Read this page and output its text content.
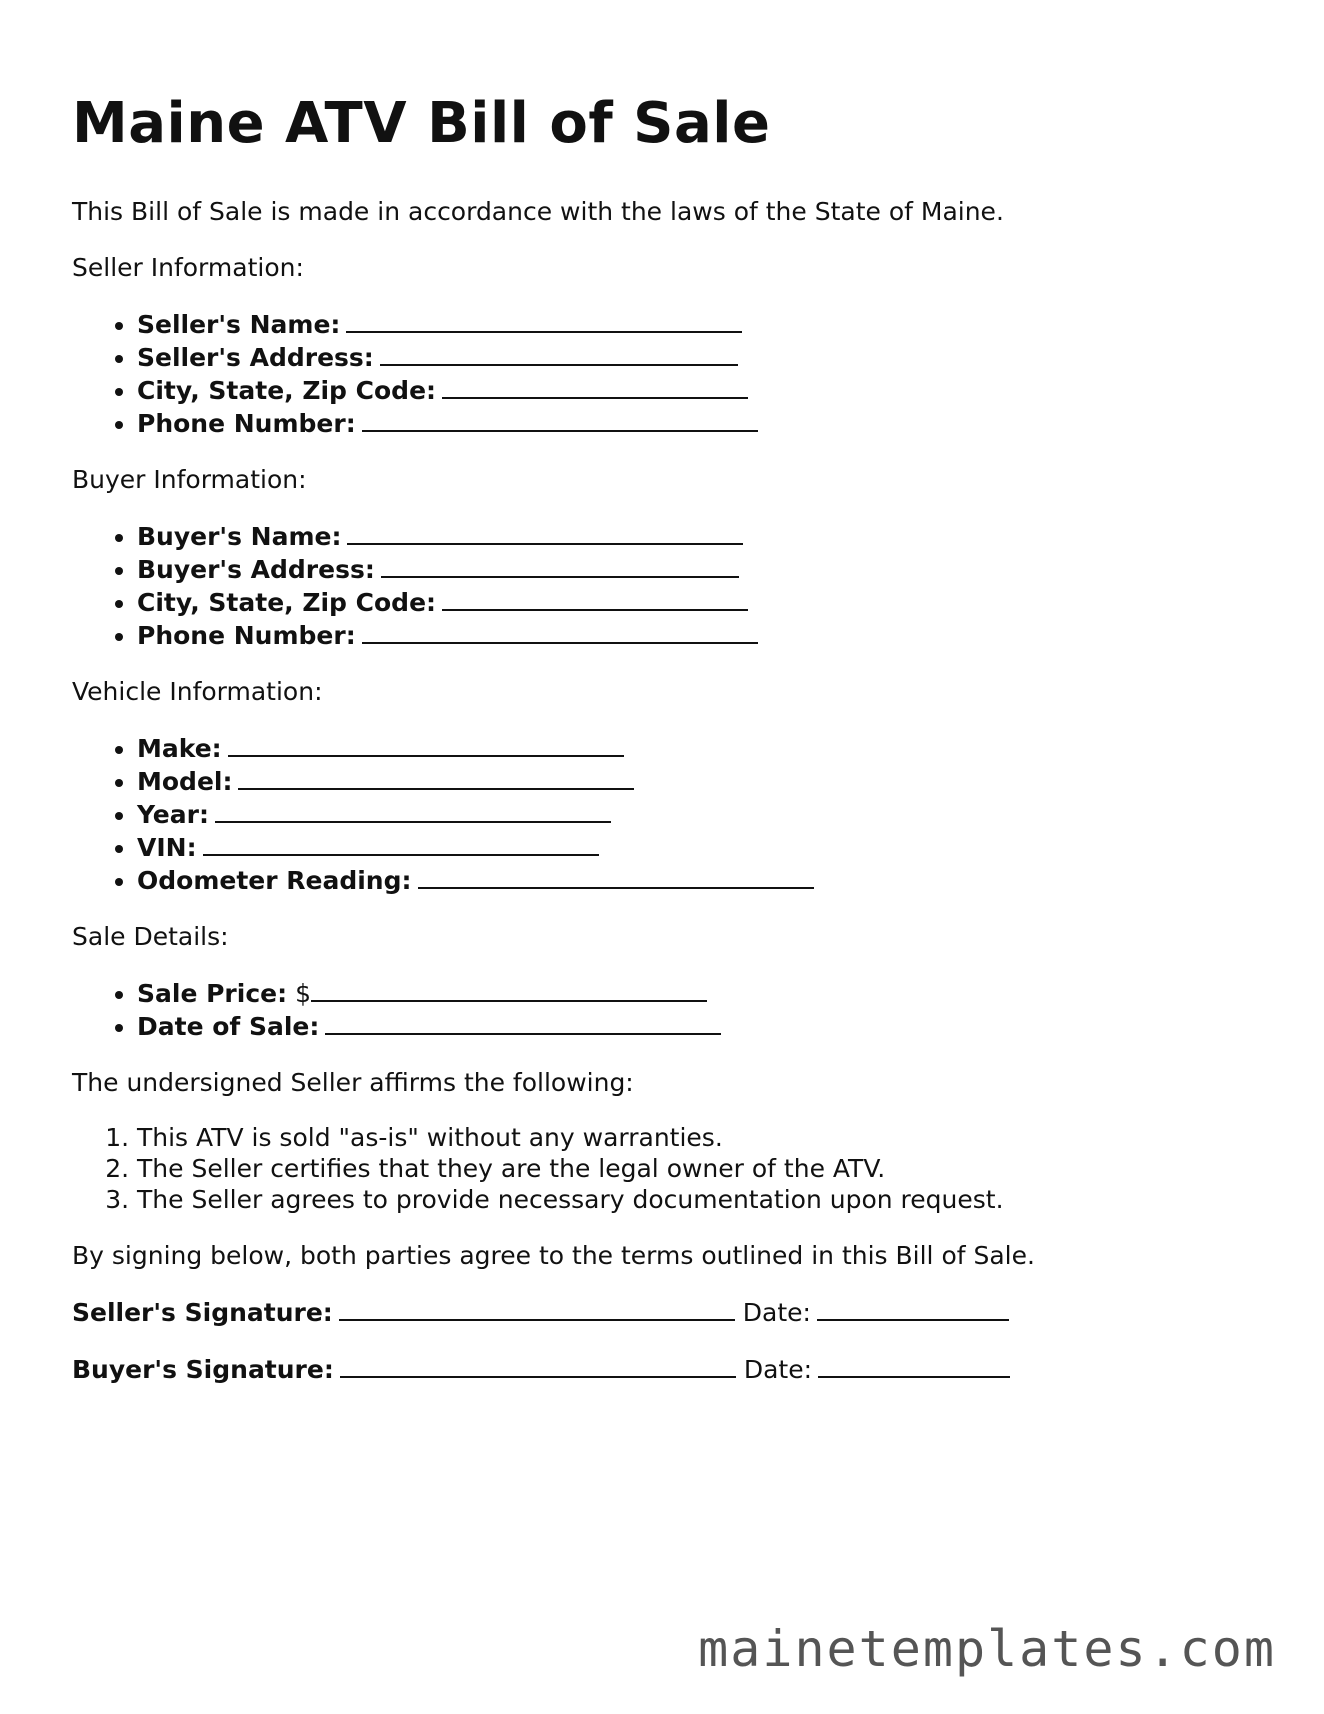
Maine ATV Bill of Sale

This Bill of Sale is made in accordance with the laws of the State of Maine.

Seller Information:

• Seller's Name:
• Seller's Address:
• City, State, Zip Code:
• Phone Number:

Buyer Information:

• Buyer's Name:
• Buyer's Address:
• City, State, Zip Code:
• Phone Number:

Vehicle Information:

• Make:
• Model:
• Year:
• VIN:
• Odometer Reading:

Sale Details:

• Sale Price: $
• Date of Sale:

The undersigned Seller affirms the following:

1. This ATV is sold "as-is" without any warranties.
2. The Seller certifies that they are the legal owner of the ATV.
3. The Seller agrees to provide necessary documentation upon request.

By signing below, both parties agree to the terms outlined in this Bill of Sale.

Seller's Signature:	Date:
Buyer's Signature:	Date:
mainetemplates.com
